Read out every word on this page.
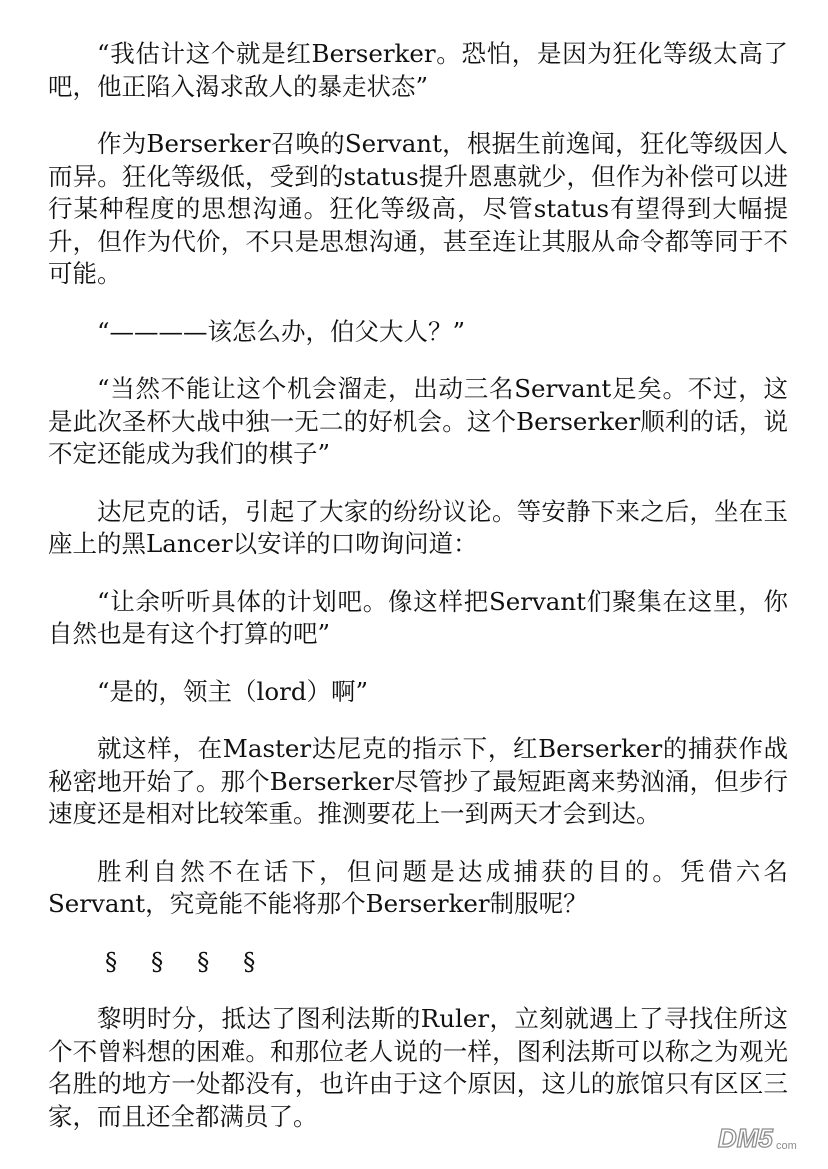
“我估计这个就是红Berserker。恐怕，是因为狂化等级太高了吧，他正陷入渴求敌人的暴走状态”

作为Berserker召唤的Servant，根据生前逸闻，狂化等级因人而异。狂化等级低，受到的status提升恩惠就少，但作为补偿可以进行某种程度的思想沟通。狂化等级高，尽管status有望得到大幅提升，但作为代价，不只是思想沟通，甚至连让其服从命令都等同于不可能。

“————该怎么办，伯父大人？”

“当然不能让这个机会溜走，出动三名Servant足矣。不过，这是此次圣杯大战中独一无二的好机会。这个Berserker顺利的话，说不定还能成为我们的棋子”

达尼克的话，引起了大家的纷纷议论。等安静下来之后，坐在玉座上的黑Lancer以安详的口吻询问道：

“让余听听具体的计划吧。像这样把Servant们聚集在这里，你自然也是有这个打算的吧”

“是的，领主（lord）啊”

就这样，在Master达尼克的指示下，红Berserker的捕获作战秘密地开始了。那个Berserker尽管抄了最短距离来势汹涌，但步行速度还是相对比较笨重。推测要花上一到两天才会到达。

胜利自然不在话下，但问题是达成捕获的目的。凭借六名Servant，究竟能不能将那个Berserker制服呢？

§ § § §

黎明时分，抵达了图利法斯的Ruler，立刻就遇上了寻找住所这个不曾料想的困难。和那位老人说的一样，图利法斯可以称之为观光名胜的地方一处都没有，也许由于这个原因，这儿的旅馆只有区区三家，而且还全都满员了。

DM5 com
